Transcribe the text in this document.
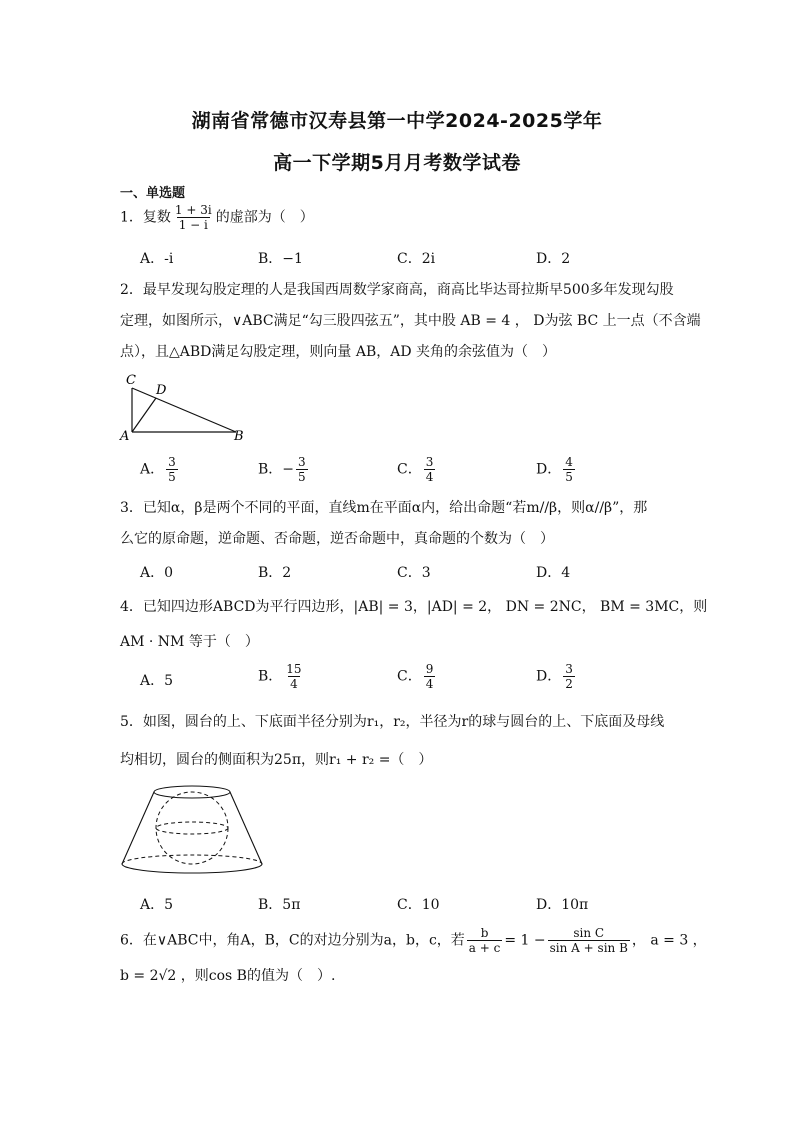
湖南省常德市汉寿县第一中学2024-2025学年
高一下学期5月月考数学试卷
一、单选题
1．复数 $\frac{1 + 3i}{1 - i}$ 的虚部为（　）
A．-i	B．−1	C．2i	D．2
2．最早发现勾股定理的人是我国西周数学家商高，商高比毕达哥拉斯早500多年发现勾股
定理，如图所示，∨ABC满足“勾三股四弦五”，其中股 AB = 4 ， D为弦 BC 上一点（不含端
点），且△ABD满足勾股定理，则向量 AB，AD 夹角的余弦值为（　）
C
D
A	B
A． $\frac{3}{5}$	B．− $\frac{3}{5}$	C． $\frac{3}{4}$	D． $\frac{4}{5}$
3．已知α，β是两个不同的平面，直线m在平面α内，给出命题“若m//β，则α//β”，那
么它的原命题，逆命题、否命题，逆否命题中，真命题的个数为（　）
A．0	B．2	C．3	D．4
4．已知四边形ABCD为平行四边形，|AB| = 3，|AD| = 2， DN = 2NC， BM = 3MC，则
AM · NM 等于（　）
A．5	B． $\frac{15}{4}$	C． $\frac{9}{4}$	D． $\frac{3}{2}$
5．如图，圆台的上、下底面半径分别为r₁，r₂，半径为r的球与圆台的上、下底面及母线
均相切，圆台的侧面积为25π，则r₁ + r₂ =（　）
A．5	B．5π	C．10	D．10π
6．在∨ABC中，角A，B，C的对边分别为a，b，c，若 $\frac{b}{a + c} = 1 - \frac{\text{sin C}}{\text{sin A + sin B}}$ ， a = 3 ，
b = 2√2 ，则cos B的值为（　）.
